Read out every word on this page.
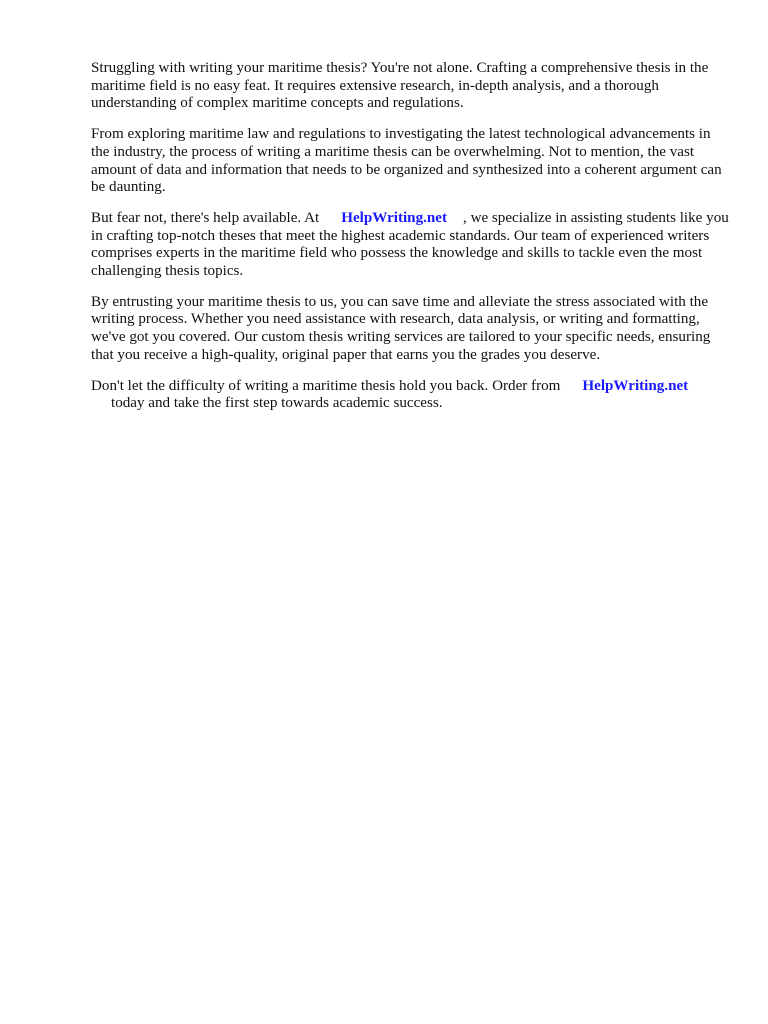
Struggling with writing your maritime thesis? You're not alone. Crafting a comprehensive thesis in the maritime field is no easy feat. It requires extensive research, in-depth analysis, and a thorough understanding of complex maritime concepts and regulations.

From exploring maritime law and regulations to investigating the latest technological advancements in the industry, the process of writing a maritime thesis can be overwhelming. Not to mention, the vast amount of data and information that needs to be organized and synthesized into a coherent argument can be daunting.

But fear not, there's help available. At HelpWriting.net , we specialize in assisting students like you in crafting top-notch theses that meet the highest academic standards. Our team of experienced writers comprises experts in the maritime field who possess the knowledge and skills to tackle even the most challenging thesis topics.

By entrusting your maritime thesis to us, you can save time and alleviate the stress associated with the writing process. Whether you need assistance with research, data analysis, or writing and formatting, we've got you covered. Our custom thesis writing services are tailored to your specific needs, ensuring that you receive a high-quality, original paper that earns you the grades you deserve.

Don't let the difficulty of writing a maritime thesis hold you back. Order from HelpWriting.net
today and take the first step towards academic success.
